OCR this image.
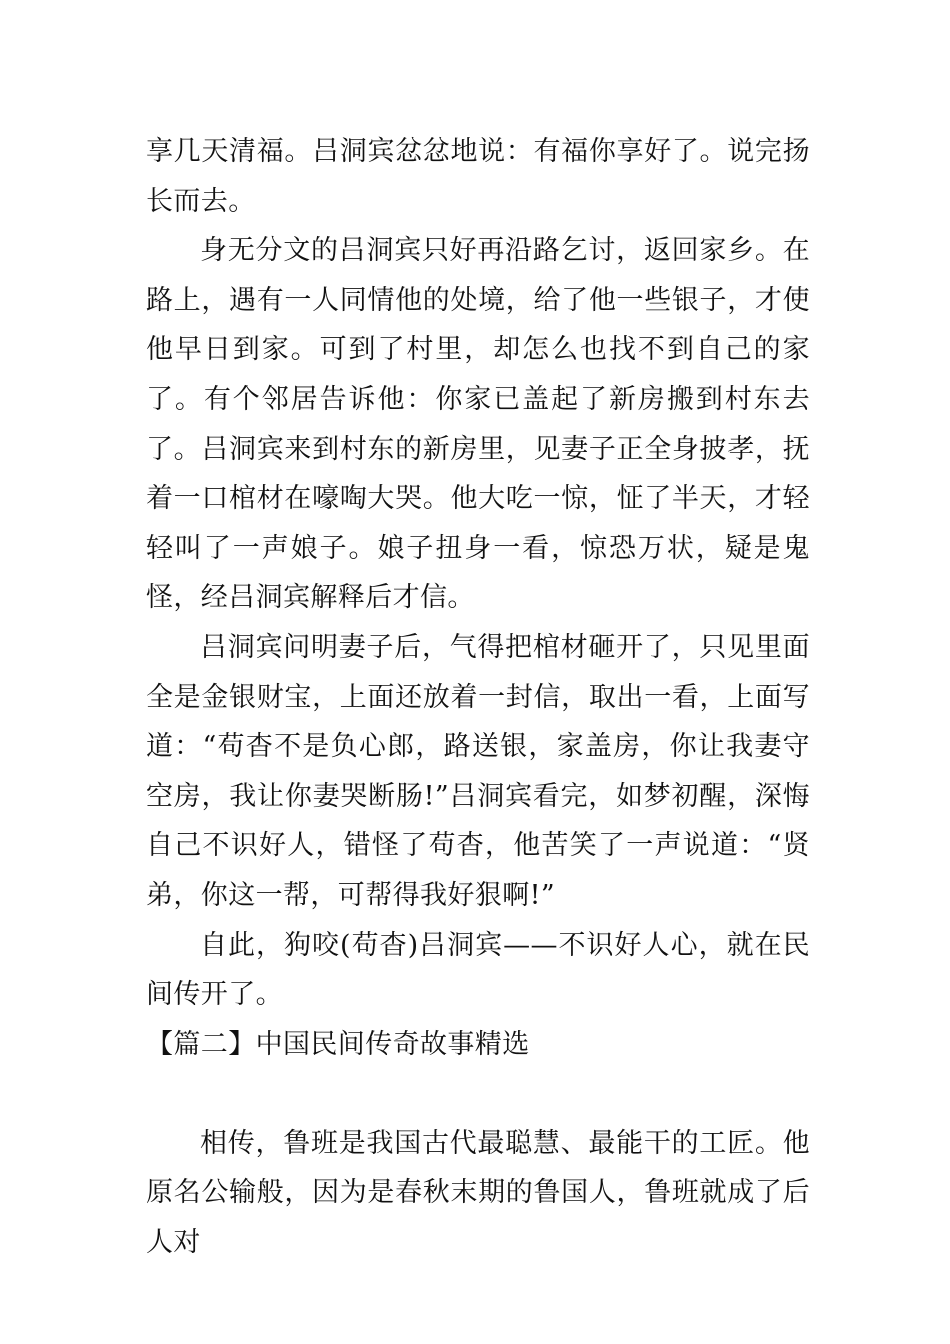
享几天清福。吕洞宾忿忿地说：有福你享好了。说完扬长而去。

身无分文的吕洞宾只好再沿路乞讨，返回家乡。在路上，遇有一人同情他的处境，给了他一些银子，才使他早日到家。可到了村里，却怎么也找不到自己的家了。有个邻居告诉他：你家已盖起了新房搬到村东去了。吕洞宾来到村东的新房里，见妻子正全身披孝，抚着一口棺材在嚎啕大哭。他大吃一惊，怔了半天，才轻轻叫了一声娘子。娘子扭身一看，惊恐万状，疑是鬼怪，经吕洞宾解释后才信。

吕洞宾问明妻子后，气得把棺材砸开了，只见里面全是金银财宝，上面还放着一封信，取出一看，上面写道：“苟杳不是负心郎，路送银，家盖房，你让我妻守空房，我让你妻哭断肠!”吕洞宾看完，如梦初醒，深悔自己不识好人，错怪了苟杳，他苦笑了一声说道：“贤弟，你这一帮，可帮得我好狠啊!”

自此，狗咬(苟杳)吕洞宾——不识好人心，就在民间传开了。

【篇二】中国民间传奇故事精选

相传，鲁班是我国古代最聪慧、最能干的工匠。他原名公输般，因为是春秋末期的鲁国人，鲁班就成了后人对
